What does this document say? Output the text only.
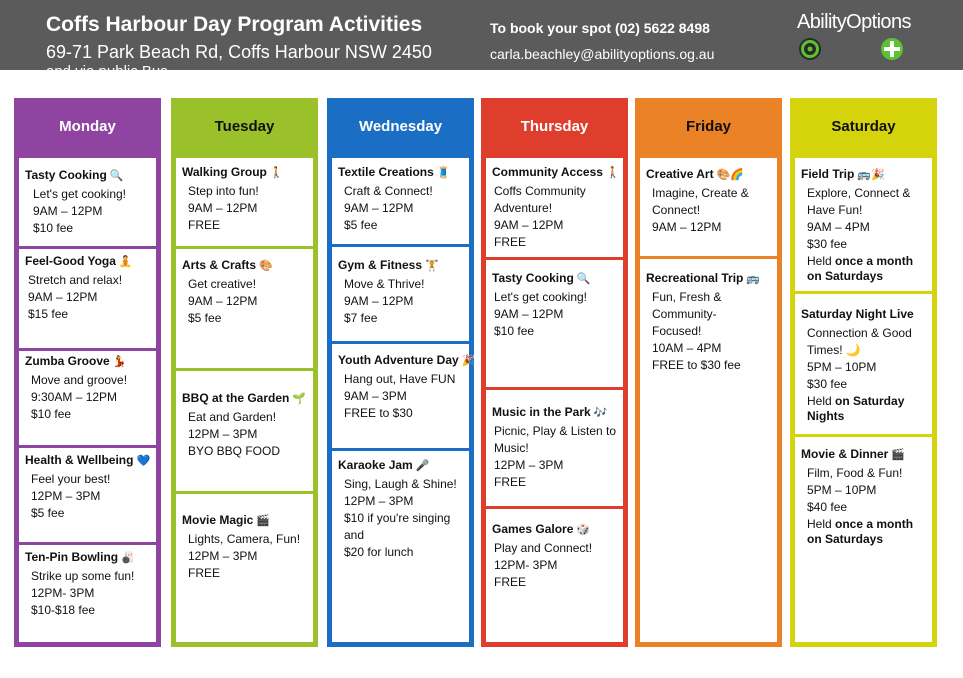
Coffs Harbour Day Program Activities
69-71 Park Beach Rd, Coffs Harbour NSW 2450
and via public Bus
To book your spot (02) 5622 8498
carla.beachley@abilityoptions.og.au
AbilityOptions
Monday
Tasty Cooking 🔍
Let's get cooking!
9AM – 12PM
$10 fee
Feel-Good Yoga 🧘
Stretch and relax!
9AM – 12PM
$15 fee
Zumba Groove 💃
Move and groove!
9:30AM – 12PM
$10 fee
Health & Wellbeing 💙
Feel your best!
12PM – 3PM
$5 fee
Ten-Pin Bowling 🎳
Strike up some fun!
12PM- 3PM
$10-$18 fee
Tuesday
Walking Group 🚶
Step into fun!
9AM – 12PM
FREE
Arts & Crafts 🎨
Get creative!
9AM – 12PM
$5 fee
BBQ at the Garden 🌱
Eat and Garden!
12PM – 3PM
BYO BBQ FOOD
Movie Magic 🎬
Lights, Camera, Fun!
12PM – 3PM
FREE
Wednesday
Textile Creations 🧵
Craft & Connect!
9AM – 12PM
$5 fee
Gym & Fitness 🏋
Move & Thrive!
9AM – 12PM
$7 fee
Youth Adventure Day 🎉
Hang out, Have FUN
9AM – 3PM
FREE to $30
Karaoke Jam 🎤
Sing, Laugh & Shine!
12PM – 3PM
$10 if you're singing
and
$20 for lunch
Thursday
Community Access 🚶
Coffs Community
Adventure!
9AM – 12PM
FREE
Tasty Cooking 🔍
Let's get cooking!
9AM – 12PM
$10 fee
Music in the Park 🎶
Picnic, Play & Listen to
Music!
12PM – 3PM
FREE
Games Galore 🎲
Play and Connect!
12PM- 3PM
FREE
Friday
Creative Art 🎨🌈
Imagine, Create &
Connect!
9AM – 12PM
Recreational Trip 🚌
Fun, Fresh &
Community-
Focused!
10AM – 4PM
FREE to $30 fee
Saturday
Field Trip 🚌🎉
Explore, Connect &
Have Fun!
9AM – 4PM
$30 fee
Held once a month
on Saturdays
Saturday Night Live
Connection & Good
Times! 🌙
5PM – 10PM
$30 fee
Held on Saturday
Nights
Movie & Dinner 🎬
Film, Food & Fun!
5PM – 10PM
$40 fee
Held once a month
on Saturdays
